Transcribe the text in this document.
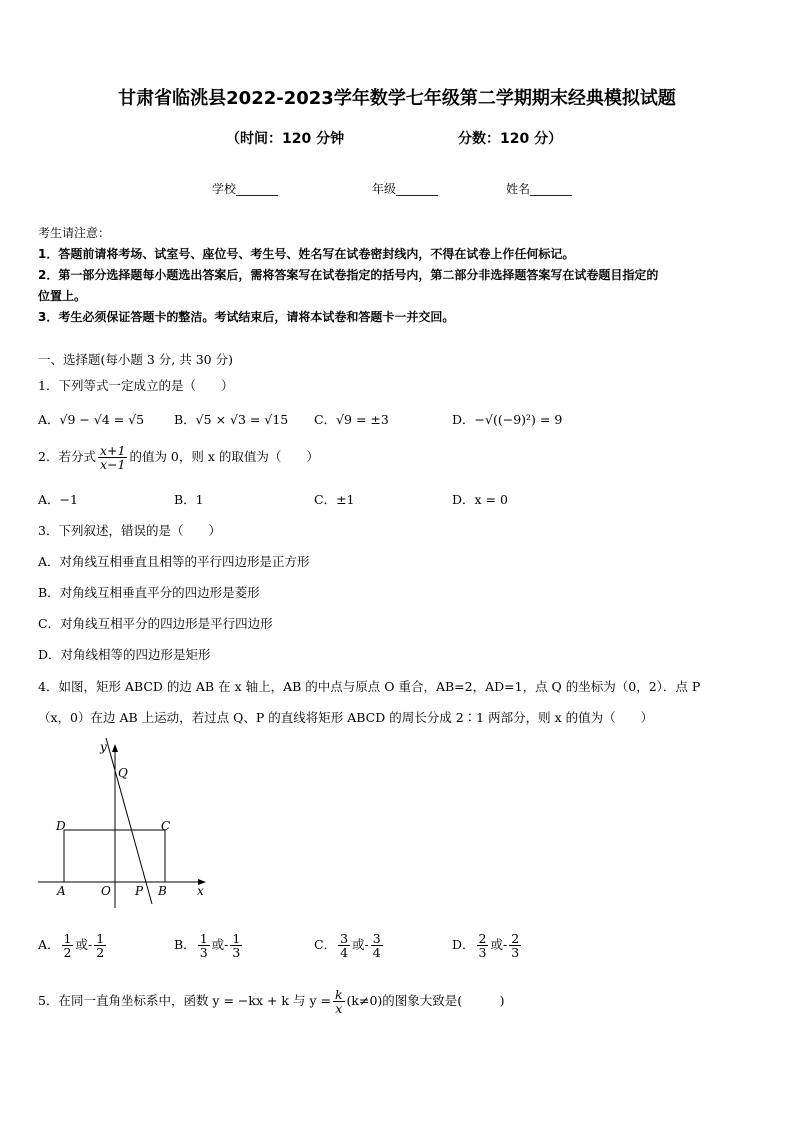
甘肃省临洮县2022-2023学年数学七年级第二学期期末经典模拟试题
（时间：120 分钟	分数：120 分）
学校_______	年级_______	姓名_______
考生请注意：
1．答题前请将考场、试室号、座位号、考生号、姓名写在试卷密封线内，不得在试卷上作任何标记。
2．第一部分选择题每小题选出答案后，需将答案写在试卷指定的括号内，第二部分非选择题答案写在试卷题目指定的
位置上。
3．考生必须保证答题卡的整洁。考试结束后，请将本试卷和答题卡一并交回。
一、选择题(每小题 3 分, 共 30 分)
1．下列等式一定成立的是（　　）
A．√9 − √4 = √5 B．√5 × √3 = √15 C．√9 = ±3	D．−√((−9)²) = 9
2．若分式 $\frac{x+1}{x-1}$ 的值为 0，则 x 的取值为（　　）
A．−1	B．1	C．±1	D．x = 0
3．下列叙述，错误的是（　　）
A．对角线互相垂直且相等的平行四边形是正方形
B．对角线互相垂直平分的四边形是菱形
C．对角线互相平分的四边形是平行四边形
D．对角线相等的四边形是矩形
4．如图，矩形 ABCD 的边 AB 在 x 轴上，AB 的中点与原点 O 重合，AB=2，AD=1，点 Q 的坐标为（0，2）．点 P
（x，0）在边 AB 上运动，若过点 Q、P 的直线将矩形 ABCD 的周长分成 2∶1 两部分，则 x 的值为（　　）
y
Q
D	C
A	O P B	x
A． $\frac{1}{2}$ 或- $\frac{1}{2}$	B． $\frac{1}{3}$ 或- $\frac{1}{3}$	C． $\frac{3}{4}$ 或- $\frac{3}{4}$	D． $\frac{2}{3}$ 或- $\frac{2}{3}$
5．在同一直角坐标系中，函数 y = −kx + k 与 $y = \frac{k}{x} (k\ne 0)$的图象大致是(　　　)
